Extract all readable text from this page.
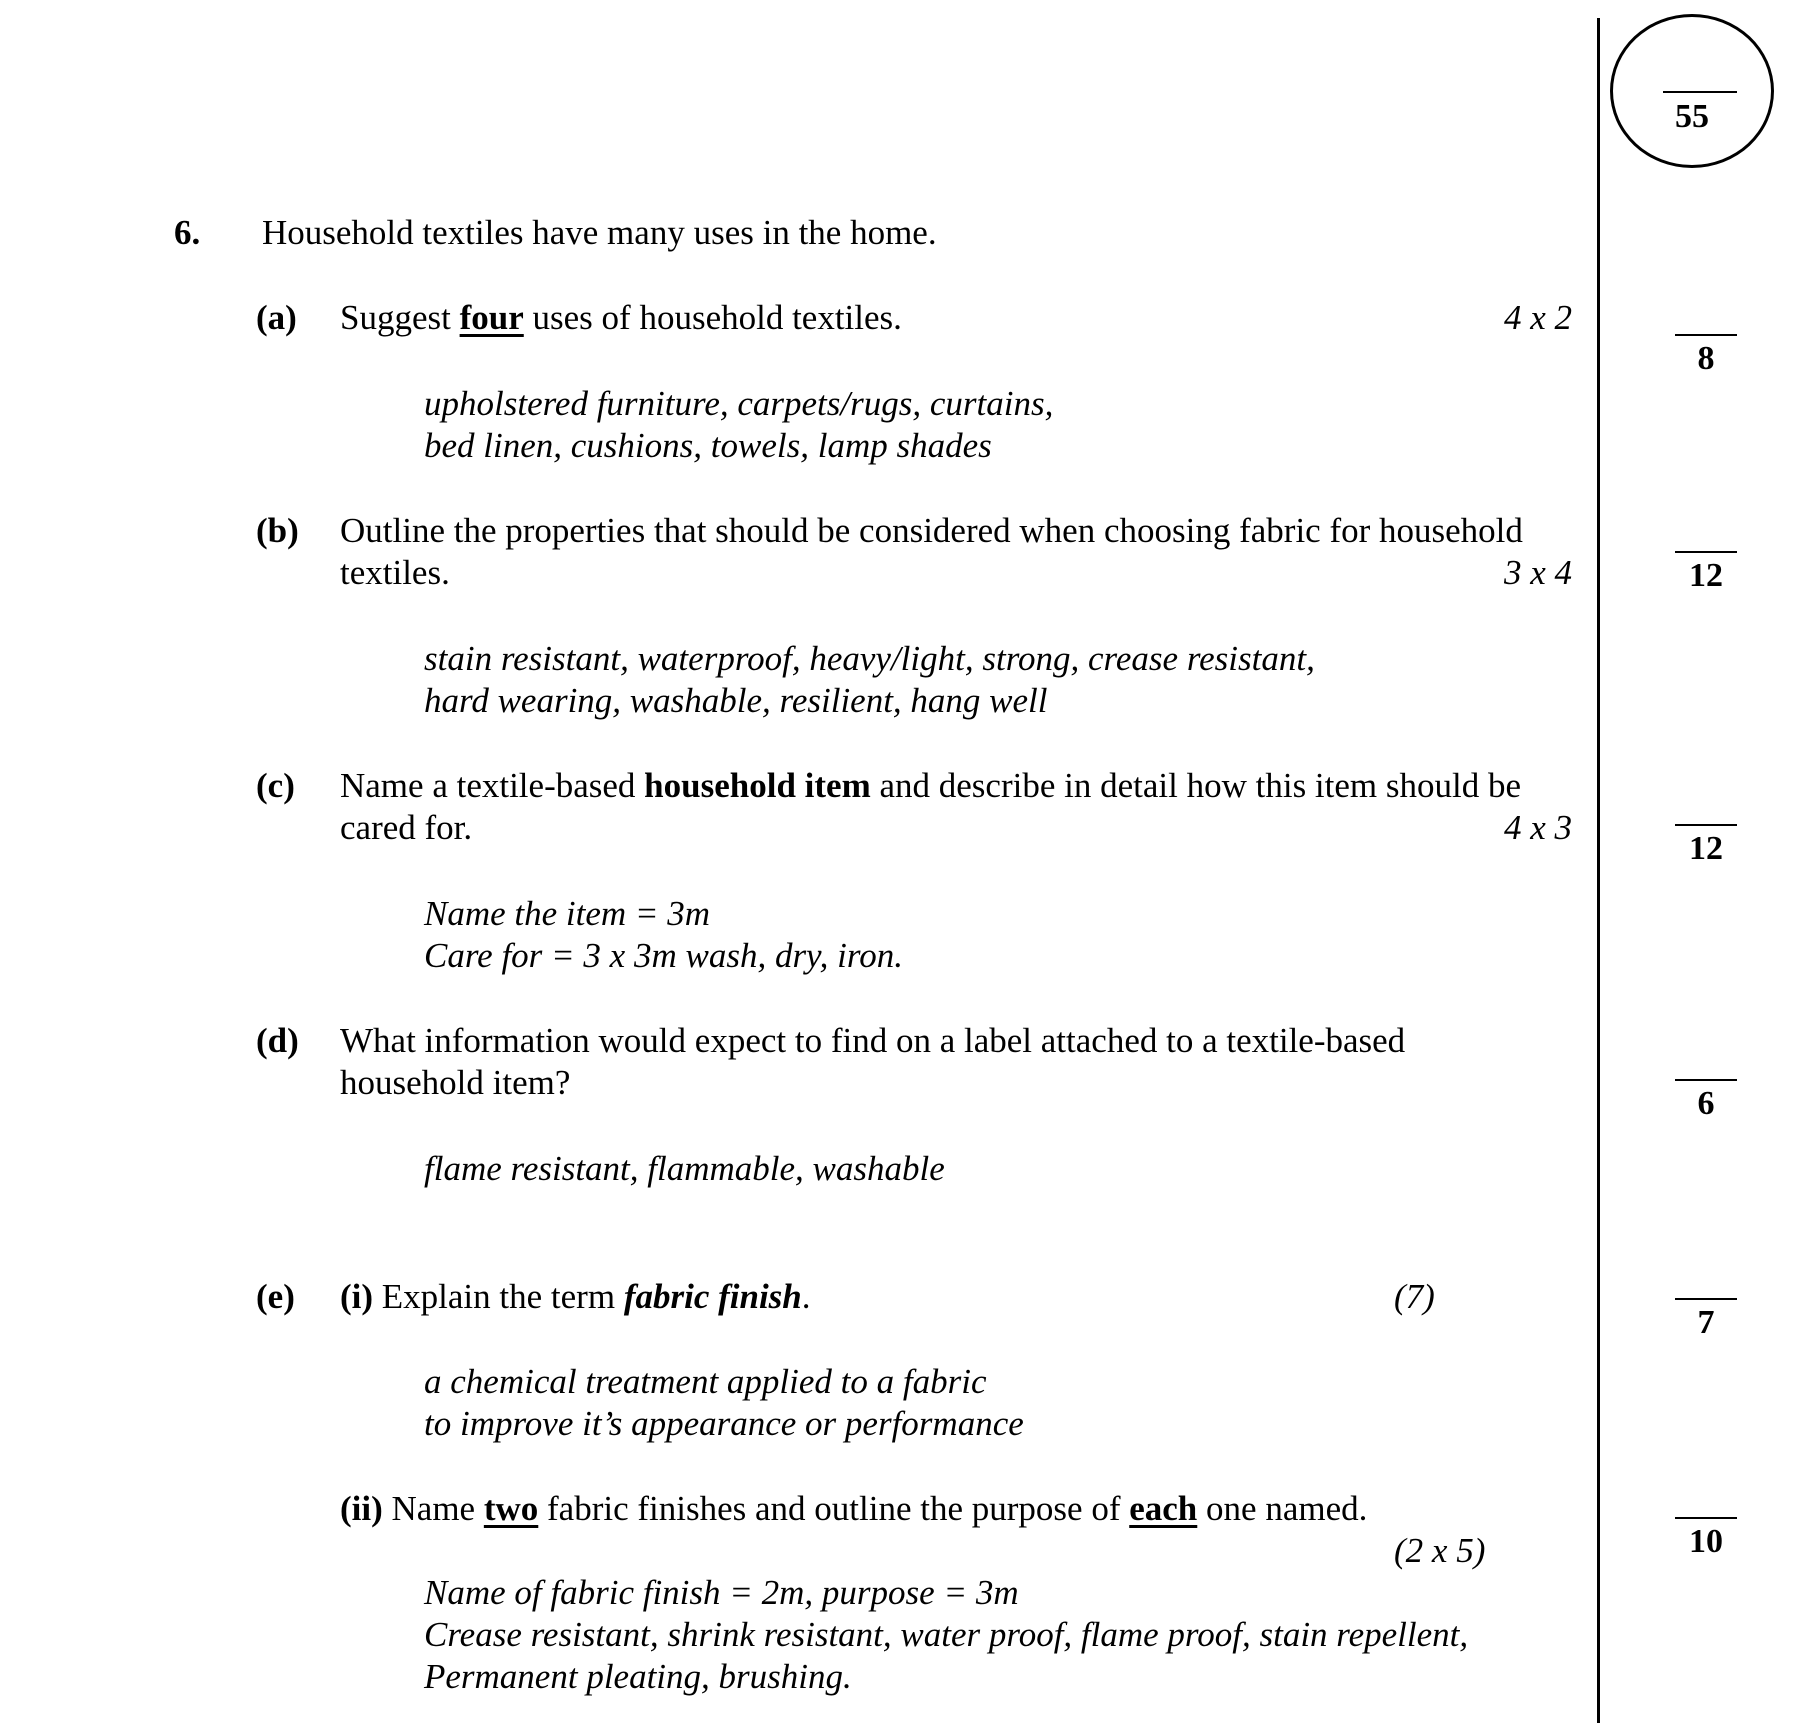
55
6. Household textiles have many uses in the home.
(a) Suggest four uses of household textiles.	4 x 2
upholstered furniture, carpets/rugs, curtains,
bed linen, cushions, towels, lamp shades
8
(b) Outline the properties that should be considered when choosing fabric for household
textiles.	3 x 4
stain resistant, waterproof, heavy/light, strong, crease resistant,
hard wearing, washable, resilient, hang well
12
(c) Name a textile-based household item and describe in detail how this item should be
cared for.	4 x 3
Name the item = 3m
Care for = 3 x 3m wash, dry, iron.
12
(d) What information would expect to find on a label attached to a textile-based
household item?
flame resistant, flammable, washable
6
(e) (i) Explain the term fabric finish.	(7)
a chemical treatment applied to a fabric
to improve it’s appearance or performance
7
(ii) Name two fabric finishes and outline the purpose of each one named.
(2 x 5)
Name of fabric finish = 2m, purpose = 3m
Crease resistant, shrink resistant, water proof, flame proof, stain repellent,
Permanent pleating, brushing.
10
